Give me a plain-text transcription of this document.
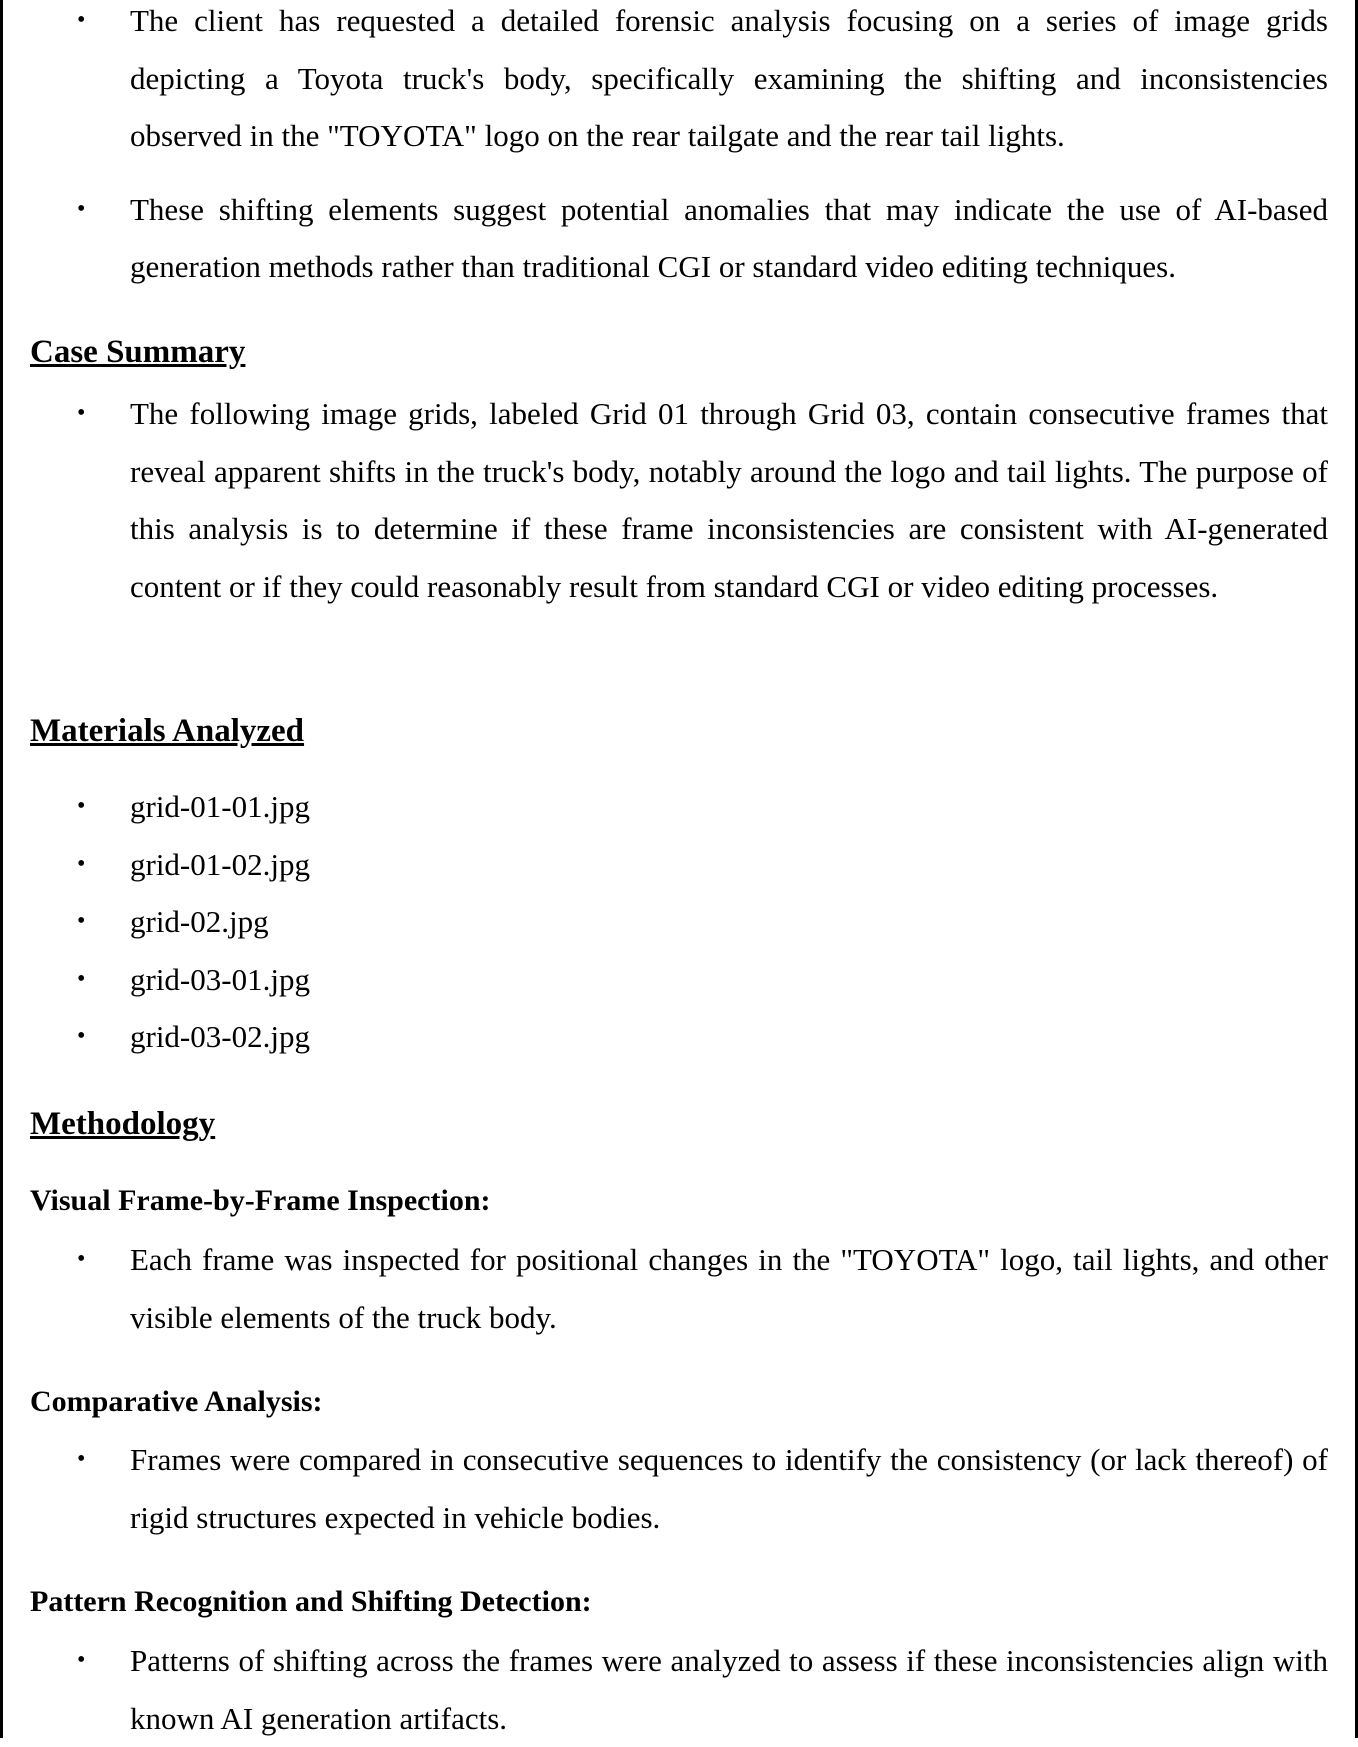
• The client has requested a detailed forensic analysis focusing on a series of image grids depicting a Toyota truck's body, specifically examining the shifting and inconsistencies observed in the "TOYOTA" logo on the rear tailgate and the rear tail lights.
• These shifting elements suggest potential anomalies that may indicate the use of AI-based generation methods rather than traditional CGI or standard video editing techniques.
Case Summary
• The following image grids, labeled Grid 01 through Grid 03, contain consecutive frames that reveal apparent shifts in the truck's body, notably around the logo and tail lights. The purpose of this analysis is to determine if these frame inconsistencies are consistent with AI-generated content or if they could reasonably result from standard CGI or video editing processes.
Materials Analyzed
• grid-01-01.jpg
• grid-01-02.jpg
• grid-02.jpg
• grid-03-01.jpg
• grid-03-02.jpg
Methodology
Visual Frame-by-Frame Inspection:
• Each frame was inspected for positional changes in the "TOYOTA" logo, tail lights, and other visible elements of the truck body.
Comparative Analysis:
• Frames were compared in consecutive sequences to identify the consistency (or lack thereof) of rigid structures expected in vehicle bodies.
Pattern Recognition and Shifting Detection:
• Patterns of shifting across the frames were analyzed to assess if these inconsistencies align with known AI generation artifacts.
